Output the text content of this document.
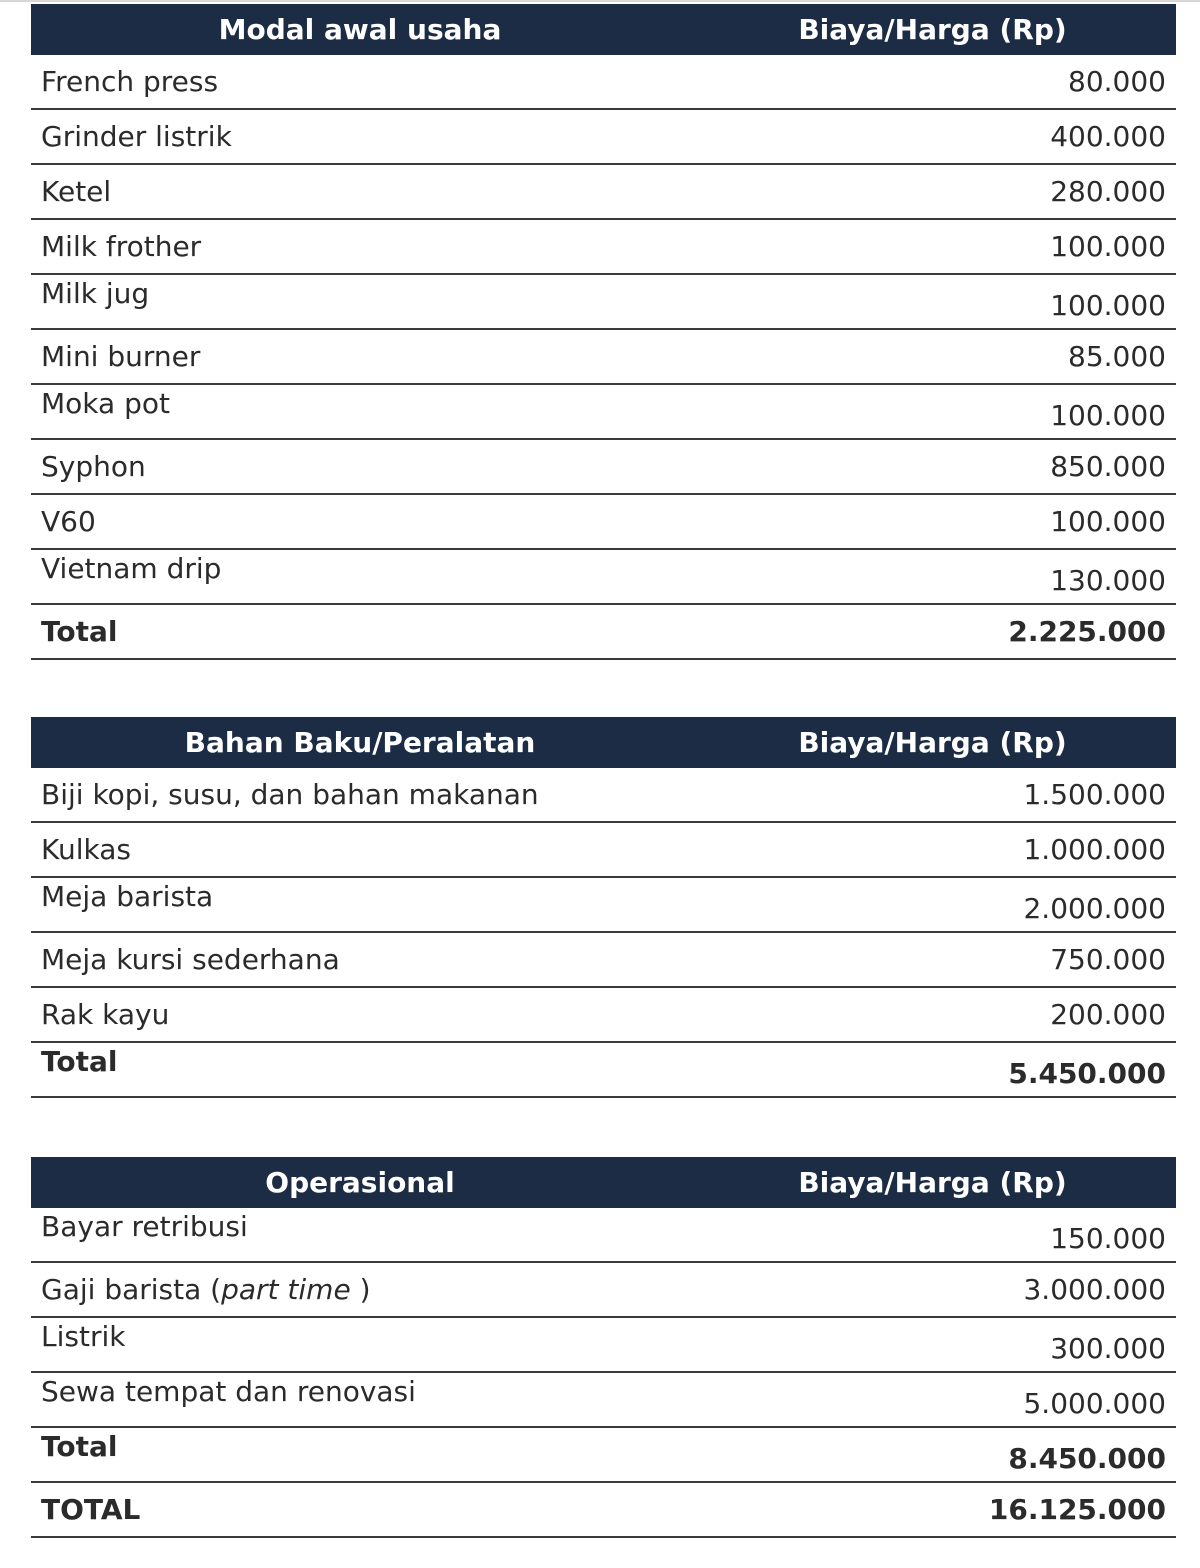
Modal awal usaha	Biaya/Harga (Rp)
French press	80.000
Grinder listrik	400.000
Ketel	280.000
Milk frother	100.000
Milk jug	100.000
Mini burner	85.000
Moka pot	100.000
Syphon	850.000
V60	100.000
Vietnam drip	130.000
Total	2.225.000
Bahan Baku/Peralatan	Biaya/Harga (Rp)
Biji kopi, susu, dan bahan makanan	1.500.000
Kulkas	1.000.000
Meja barista	2.000.000
Meja kursi sederhana	750.000
Rak kayu	200.000
Total	5.450.000
Operasional	Biaya/Harga (Rp)
Bayar retribusi	150.000
Gaji barista (part time )	3.000.000
Listrik	300.000
Sewa tempat dan renovasi	5.000.000
Total	8.450.000
TOTAL	16.125.000
